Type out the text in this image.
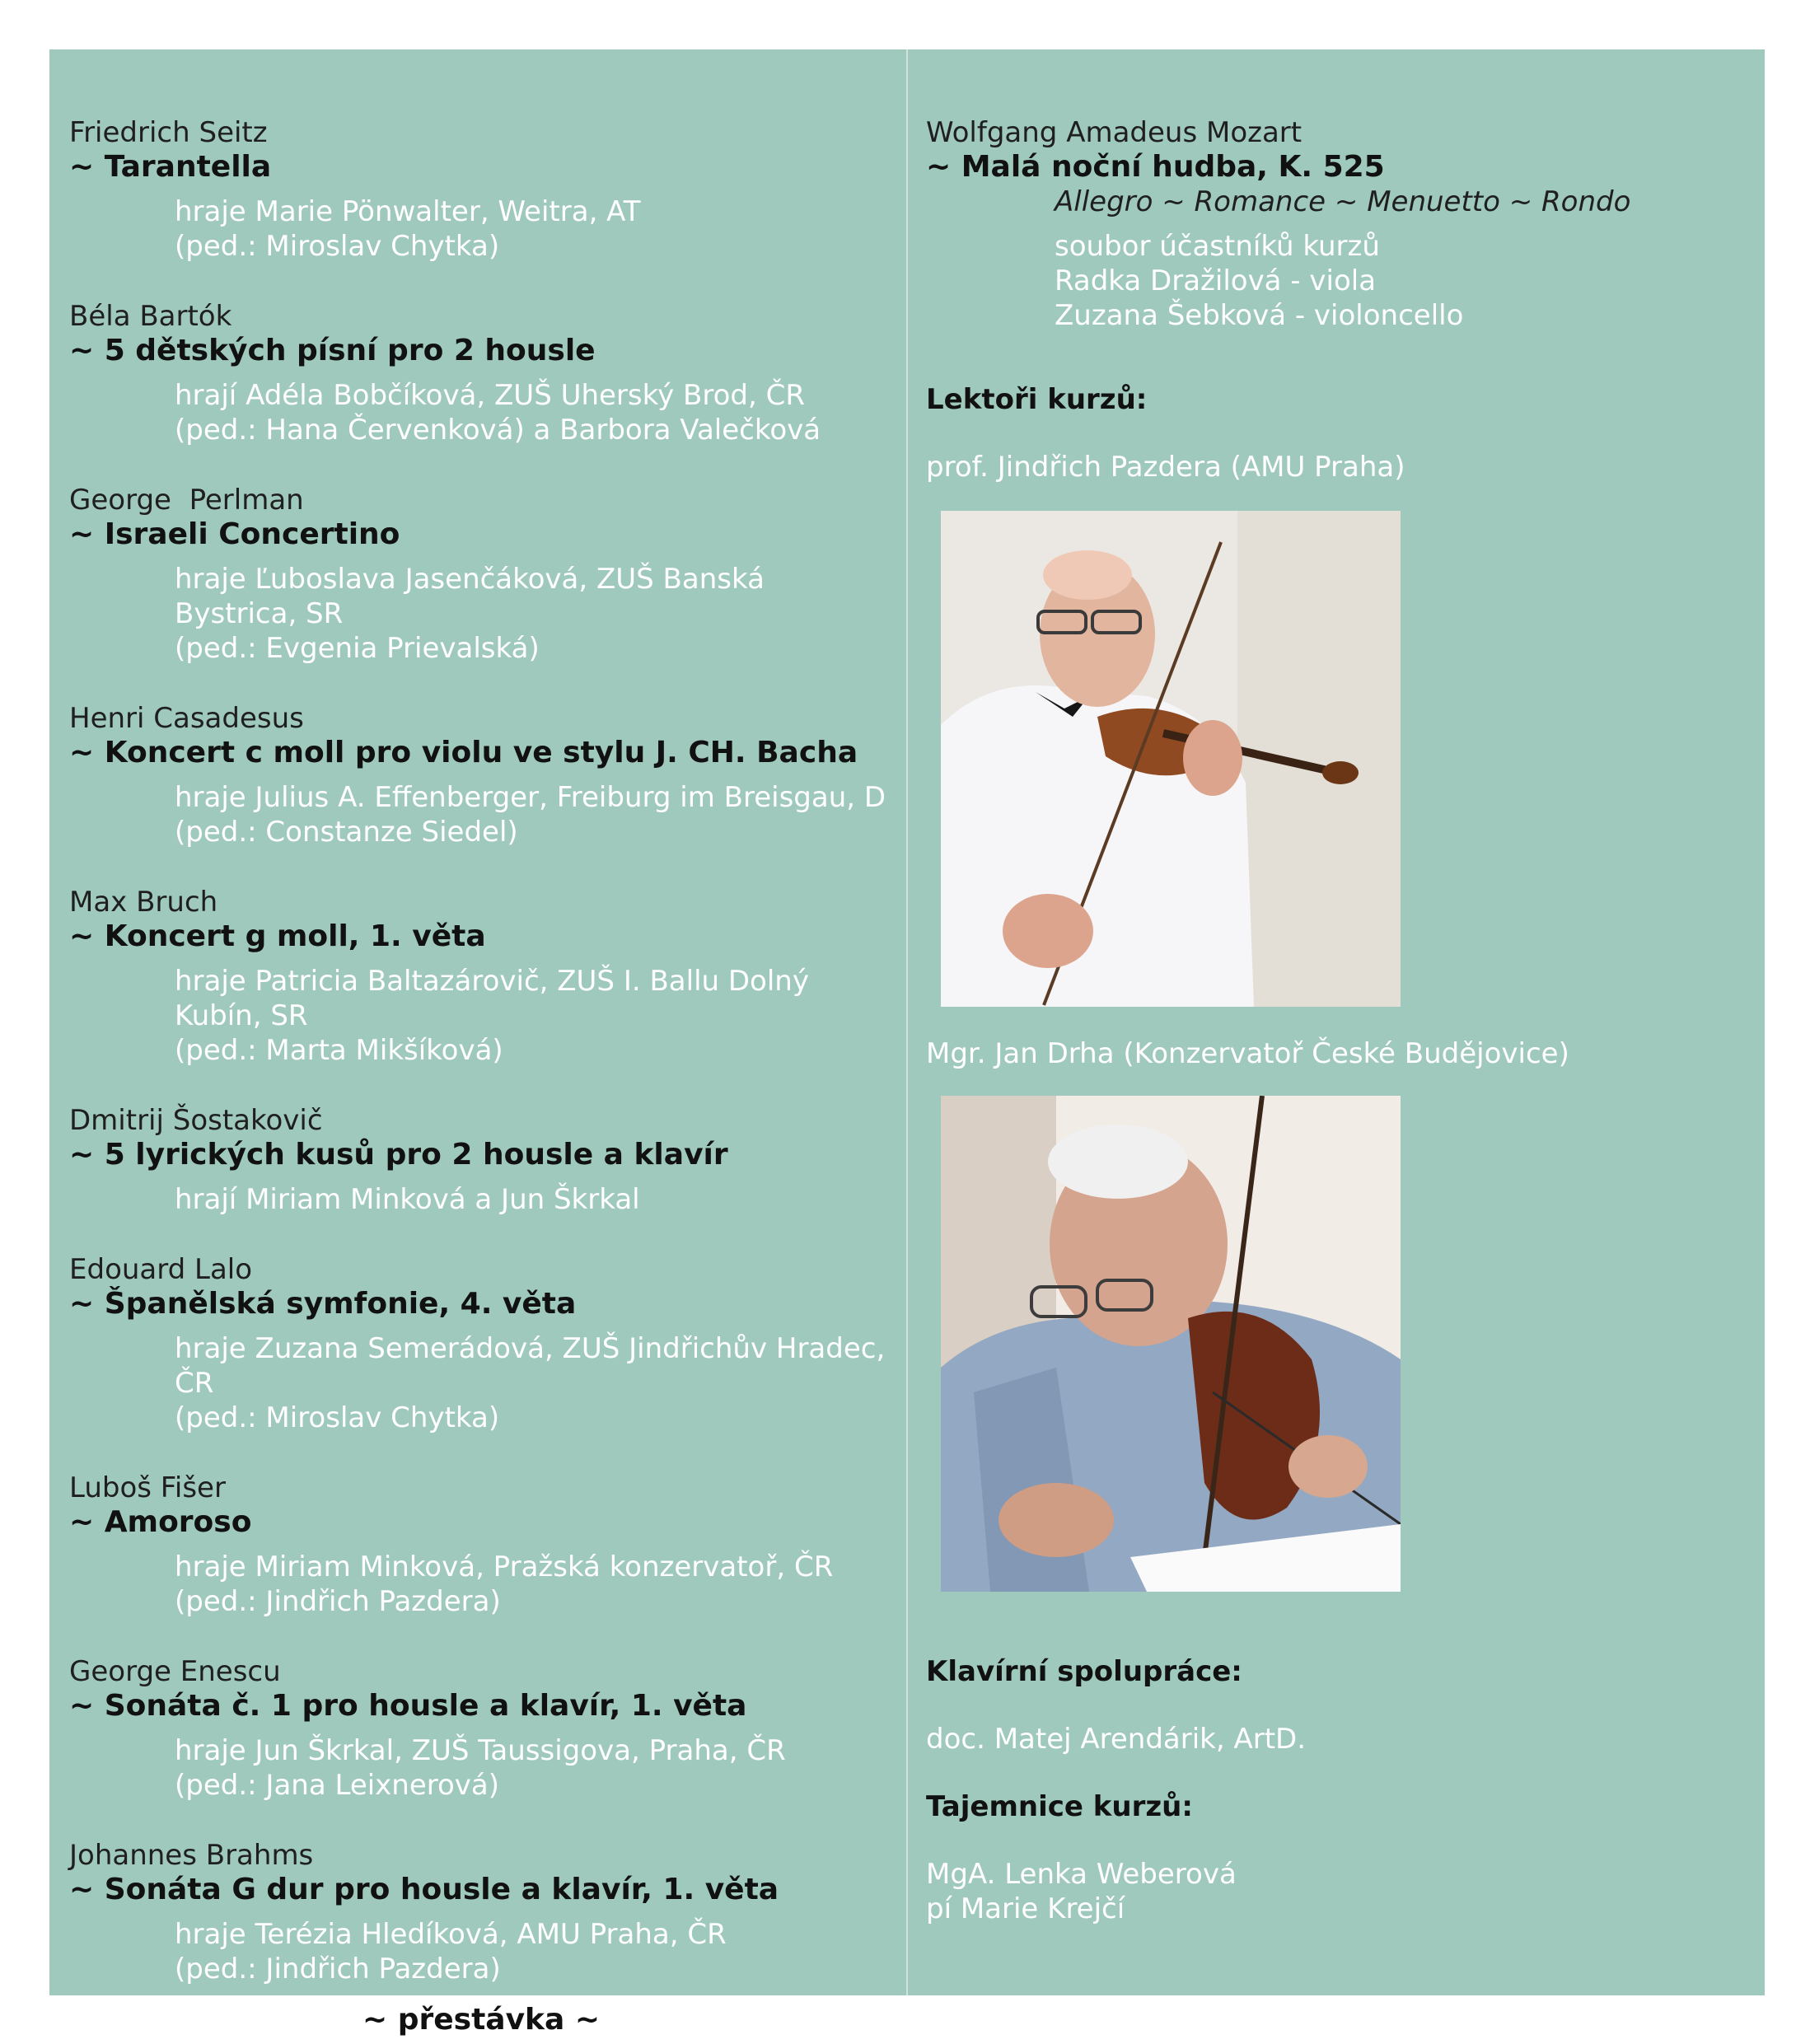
Friedrich Seitz
~ Tarantella
hraje Marie Pönwalter, Weitra, AT
(ped.: Miroslav Chytka)
Béla Bartók
~ 5 dětských písní pro 2 housle
hrají Adéla Bobčíková, ZUŠ Uherský Brod, ČR
(ped.: Hana Červenková) a Barbora Valečková
George  Perlman
~ Israeli Concertino
hraje Ľuboslava Jasenčáková, ZUŠ Banská Bystrica, SR
(ped.: Evgenia Prievalská)
Henri Casadesus
~ Koncert c moll pro violu ve stylu J. CH. Bacha
hraje Julius A. Effenberger, Freiburg im Breisgau, D
(ped.: Constanze Siedel)
Max Bruch
~ Koncert g moll, 1. věta
hraje Patricia Baltazárovič, ZUŠ I. Ballu Dolný Kubín, SR
(ped.: Marta Mikšíková)
Dmitrij Šostakovič
~ 5 lyrických kusů pro 2 housle a klavír
hrají Miriam Minková a Jun Škrkal
Edouard Lalo
~ Španělská symfonie, 4. věta
hraje Zuzana Semerádová, ZUŠ Jindřichův Hradec, ČR
(ped.: Miroslav Chytka)
Luboš Fišer
~ Amoroso
hraje Miriam Minková, Pražská konzervatoř, ČR
(ped.: Jindřich Pazdera)
George Enescu
~ Sonáta č. 1 pro housle a klavír, 1. věta
hraje Jun Škrkal, ZUŠ Taussigova, Praha, ČR
(ped.: Jana Leixnerová)
Johannes Brahms
~ Sonáta G dur pro housle a klavír, 1. věta
hraje Terézia Hledíková, AMU Praha, ČR
(ped.: Jindřich Pazdera)
~ přestávka ~
Wolfgang Amadeus Mozart
~ Malá noční hudba, K. 525
Allegro ~ Romance ~ Menuetto ~ Rondo
soubor účastníků kurzů
Radka Dražilová - viola
Zuzana Šebková - violoncello
Lektoři kurzů:
prof. Jindřich Pazdera (AMU Praha)
Mgr. Jan Drha (Konzervatoř České Budějovice)
Klavírní spolupráce:
doc. Matej Arendárik, ArtD.
Tajemnice kurzů:
MgA. Lenka Weberová
pí Marie Krejčí
